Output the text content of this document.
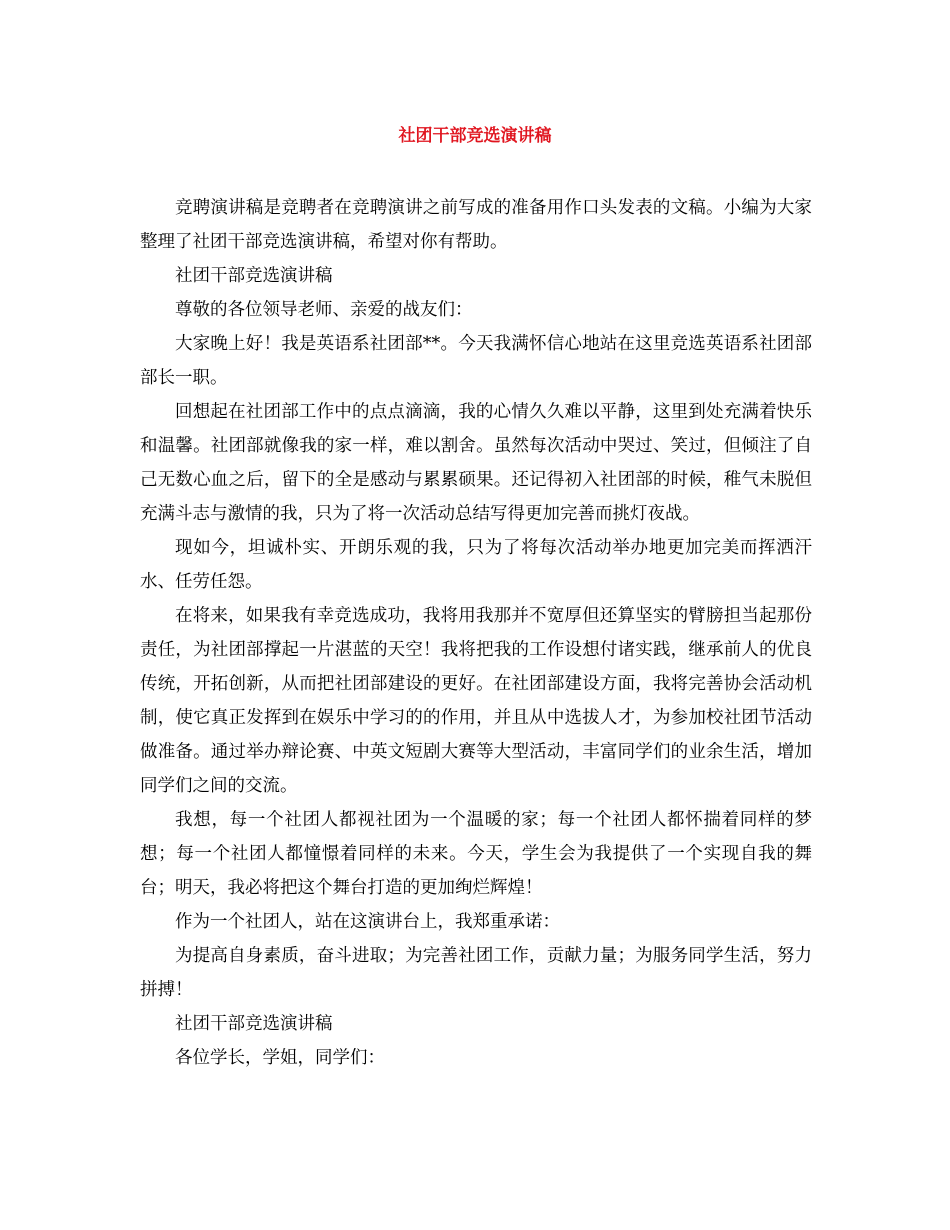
社团干部竞选演讲稿

竞聘演讲稿是竞聘者在竞聘演讲之前写成的准备用作口头发表的文稿。小编为大家整理了社团干部竞选演讲稿，希望对你有帮助。

社团干部竞选演讲稿

尊敬的各位领导老师、亲爱的战友们：

大家晚上好！我是英语系社团部**。今天我满怀信心地站在这里竞选英语系社团部部长一职。

回想起在社团部工作中的点点滴滴，我的心情久久难以平静，这里到处充满着快乐和温馨。社团部就像我的家一样，难以割舍。虽然每次活动中哭过、笑过，但倾注了自己无数心血之后，留下的全是感动与累累硕果。还记得初入社团部的时候，稚气未脱但充满斗志与激情的我，只为了将一次活动总结写得更加完善而挑灯夜战。

现如今，坦诚朴实、开朗乐观的我，只为了将每次活动举办地更加完美而挥洒汗水、任劳任怨。

在将来，如果我有幸竞选成功，我将用我那并不宽厚但还算坚实的臂膀担当起那份责任，为社团部撑起一片湛蓝的天空！我将把我的工作设想付诸实践，继承前人的优良传统，开拓创新，从而把社团部建设的更好。在社团部建设方面，我将完善协会活动机制，使它真正发挥到在娱乐中学习的的作用，并且从中选拔人才，为参加校社团节活动做准备。通过举办辩论赛、中英文短剧大赛等大型活动，丰富同学们的业余生活，增加同学们之间的交流。

我想，每一个社团人都视社团为一个温暖的家；每一个社团人都怀揣着同样的梦想；每一个社团人都憧憬着同样的未来。今天，学生会为我提供了一个实现自我的舞台；明天，我必将把这个舞台打造的更加绚烂辉煌！

作为一个社团人，站在这演讲台上，我郑重承诺：

为提高自身素质，奋斗进取；为完善社团工作，贡献力量；为服务同学生活，努力拼搏！

社团干部竞选演讲稿

各位学长，学姐，同学们：
